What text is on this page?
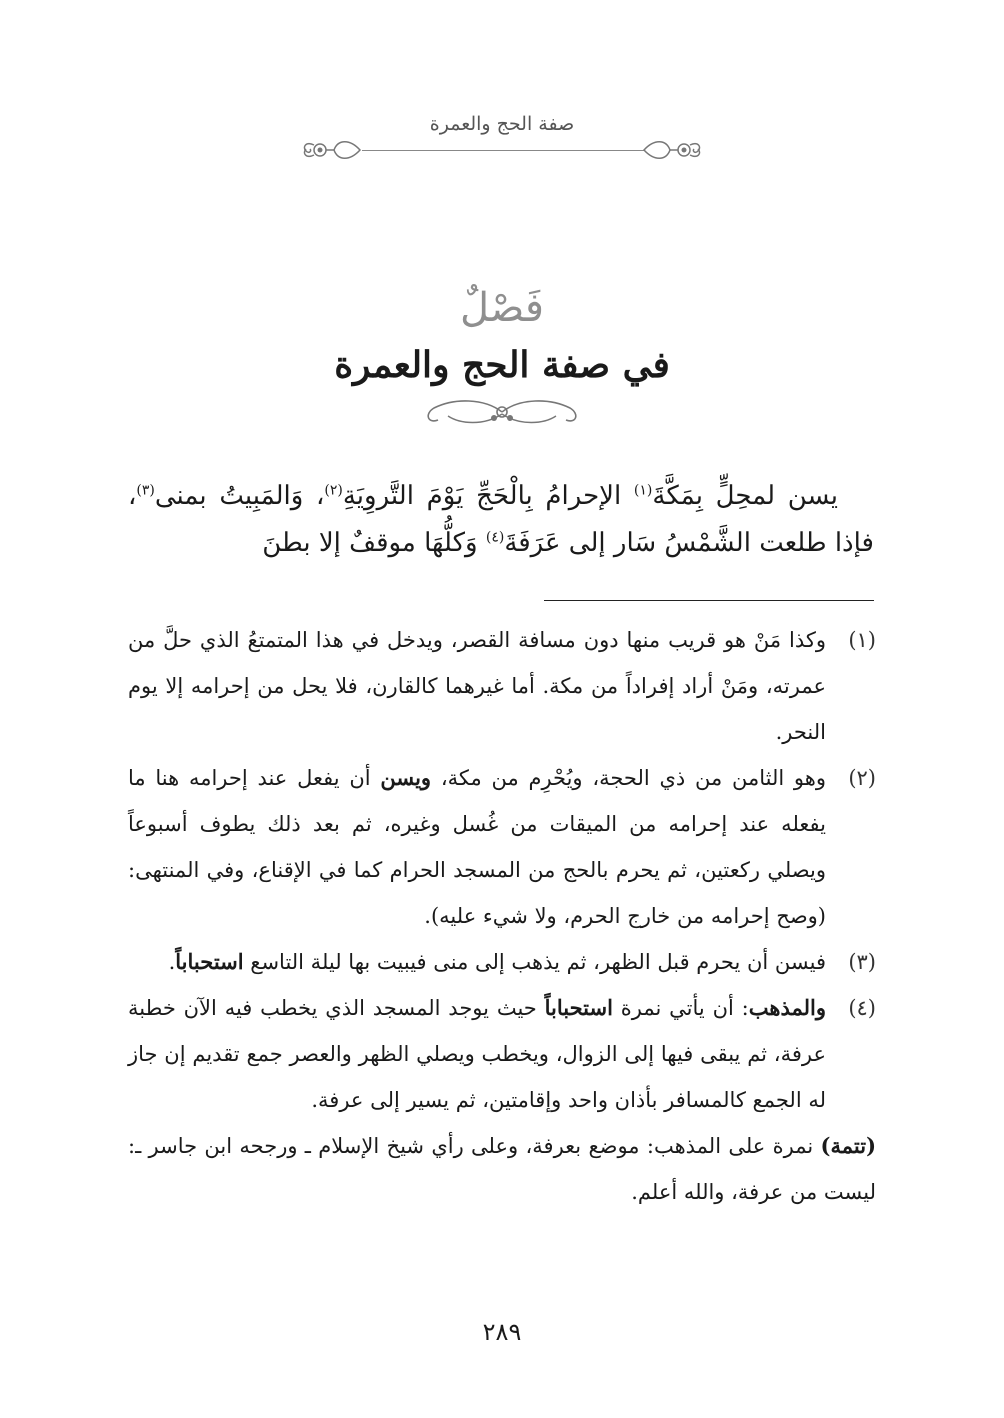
صفة الحج والعمرة
فَصْلٌ
في صفة الحج والعمرة

يسن لمحِلٍّ بِمَكَّةَ$^{(١)}$ الإحرامُ بِالْحَجِّ يَوْمَ التَّروِيَةِ$^{(٢)}$، وَالمَبِيتُ بمنى$^{(٣)}$، فإذا طلعت الشَّمْسُ سَار إلى عَرَفَةَ$^{(٤)}$ وَكلُّهَا موقفٌ إلا بطنَ

(١)
وكذا مَنْ هو قريب منها دون مسافة القصر، ويدخل في هذا المتمتعُ الذي حلَّ من عمرته، ومَنْ أراد إفراداً من مكة. أما غيرهما كالقارن، فلا يحل من إحرامه إلا يوم النحر.
(٢)
وهو الثامن من ذي الحجة، ويُحْرِم من مكة، ويسن أن يفعل عند إحرامه هنا ما يفعله عند إحرامه من الميقات من غُسل وغيره، ثم بعد ذلك يطوف أسبوعاً ويصلي ركعتين، ثم يحرم بالحج من المسجد الحرام كما في الإقناع، وفي المنتهى: (وصح إحرامه من خارج الحرم، ولا شيء عليه).
(٣)
فيسن أن يحرم قبل الظهر، ثم يذهب إلى منى فيبيت بها ليلة التاسع استحباباً.
(٤)
والمذهب: أن يأتي نمرة استحباباً حيث يوجد المسجد الذي يخطب فيه الآن خطبة عرفة، ثم يبقى فيها إلى الزوال، ويخطب ويصلي الظهر والعصر جمع تقديم إن جاز له الجمع كالمسافر بأذان واحد وإقامتين، ثم يسير إلى عرفة.

(تتمة) نمرة على المذهب: موضع بعرفة، وعلى رأي شيخ الإسلام ـ ورجحه ابن جاسر ـ: ليست من عرفة، والله أعلم.

٢٨٩
